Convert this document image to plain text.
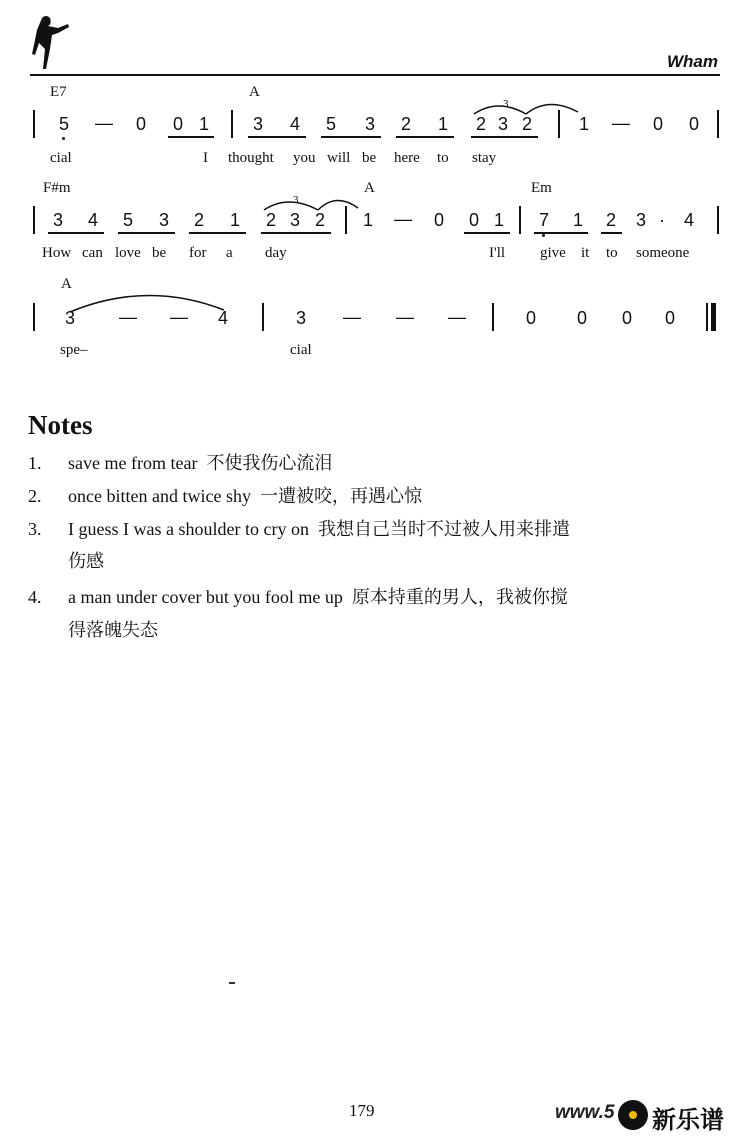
Wham
E7	A
5	—	0	0 1	3	4	5	3	2	1	2 3 2
3
1	—	0	0
cial	I thought you will be here to stay
F#m	A	Em
3	4	5	3	2	1	2 3 2
3
1	—	0	0 1	7	1	2	3 ·	4
How can love be for a day	I'll give it to someone
A
3	— —	4	3	— — —	0	0	0	0
spe–	cial
Notes
1. save me from tear 不使我伤心流泪
2. once bitten and twice shy 一遭被咬，再遇心惊
3. I guess I was a shoulder to cry on 我想自己当时不过被人用来排遣
伤感
4. a man under cover but you fool me up 原本持重的男人，我被你搅
得落魄失态
179	www.5 新乐谱
